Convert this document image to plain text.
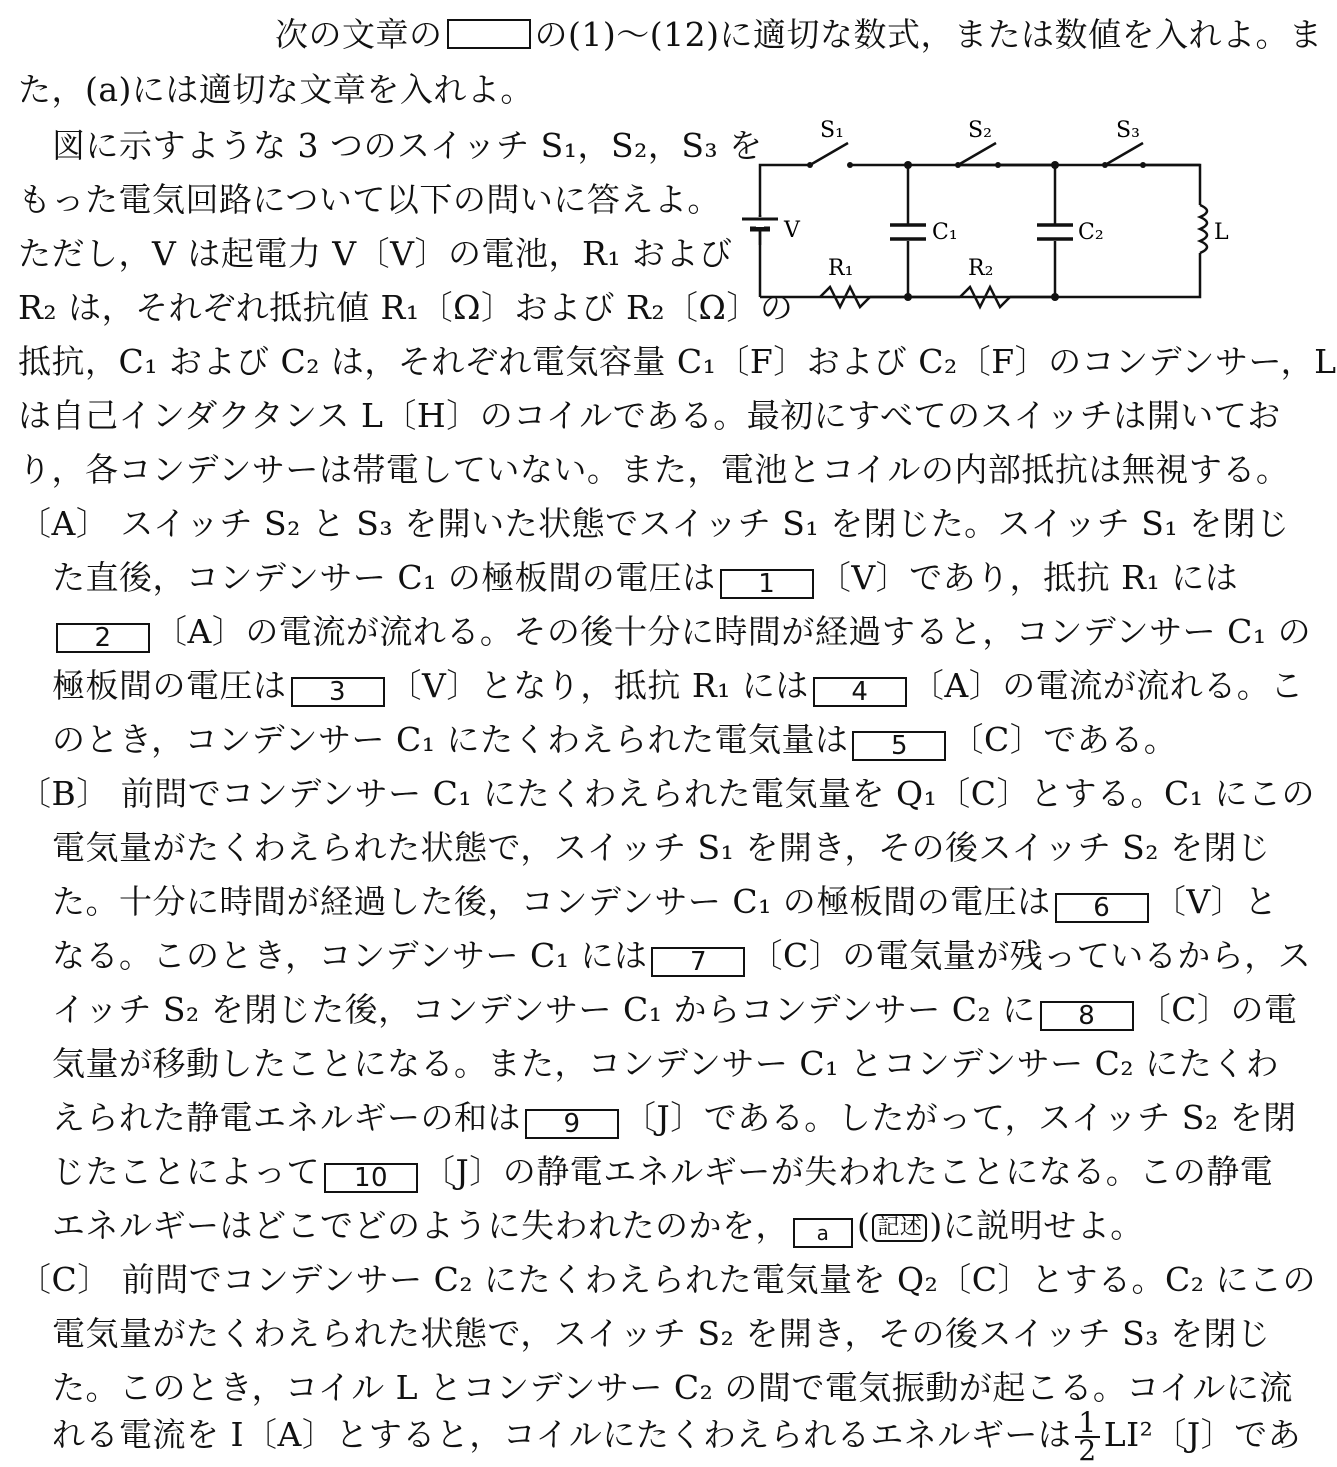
次の文章の	の(1)〜(12)に適切な数式，または数値を入れよ。ま
た，(a)には適切な文章を入れよ。
図に示すような 3 つのスイッチ S₁，S₂，S₃ を
もった電気回路について以下の問いに答えよ。
ただし，V は起電力 V〔V〕の電池，R₁ および
R₂ は，それぞれ抵抗値 R₁〔Ω〕および R₂〔Ω〕の
抵抗，C₁ および C₂ は，それぞれ電気容量 C₁〔F〕および C₂〔F〕のコンデンサー，L
は自己インダクタンス L〔H〕のコイルである。最初にすべてのスイッチは開いてお
り，各コンデンサーは帯電していない。また，電池とコイルの内部抵抗は無視する。
S₁	S₂	S₃
V	C₁	C₂
R₁	R₂
L
〔A〕 スイッチ S₂ と S₃ を開いた状態でスイッチ S₁ を閉じた。スイッチ S₁ を閉じ
た直後，コンデンサー C₁ の極板間の電圧は 1 〔V〕であり，抵抗 R₁ には
2 〔A〕の電流が流れる。その後十分に時間が経過すると，コンデンサー C₁ の
極板間の電圧は 3 〔V〕となり，抵抗 R₁ には 4 〔A〕の電流が流れる。こ
のとき，コンデンサー C₁ にたくわえられた電気量は 5 〔C〕である。
〔B〕 前問でコンデンサー C₁ にたくわえられた電気量を Q₁〔C〕とする。C₁ にこの
電気量がたくわえられた状態で，スイッチ S₁ を開き，その後スイッチ S₂ を閉じ
た。十分に時間が経過した後，コンデンサー C₁ の極板間の電圧は 6 〔V〕と
なる。このとき，コンデンサー C₁ には 7 〔C〕の電気量が残っているから，ス
イッチ S₂ を閉じた後，コンデンサー C₁ からコンデンサー C₂ に 8 〔C〕の電
気量が移動したことになる。また，コンデンサー C₁ とコンデンサー C₂ にたくわ
えられた静電エネルギーの和は 9 〔J〕である。したがって，スイッチ S₂ を閉
じたことによって 10 〔J〕の静電エネルギーが失われたことになる。この静電
エネルギーはどこでどのように失われたのかを， a ( 記述 )に説明せよ。
〔C〕 前問でコンデンサー C₂ にたくわえられた電気量を Q₂〔C〕とする。C₂ にこの
電気量がたくわえられた状態で，スイッチ S₂ を開き，その後スイッチ S₃ を閉じ
た。このとき，コイル L とコンデンサー C₂ の間で電気振動が起こる。コイルに流
れる電流を I〔A〕とすると，コイルにたくわえられるエネルギーは $\frac{1}{2} LI^2$〔J〕であ
